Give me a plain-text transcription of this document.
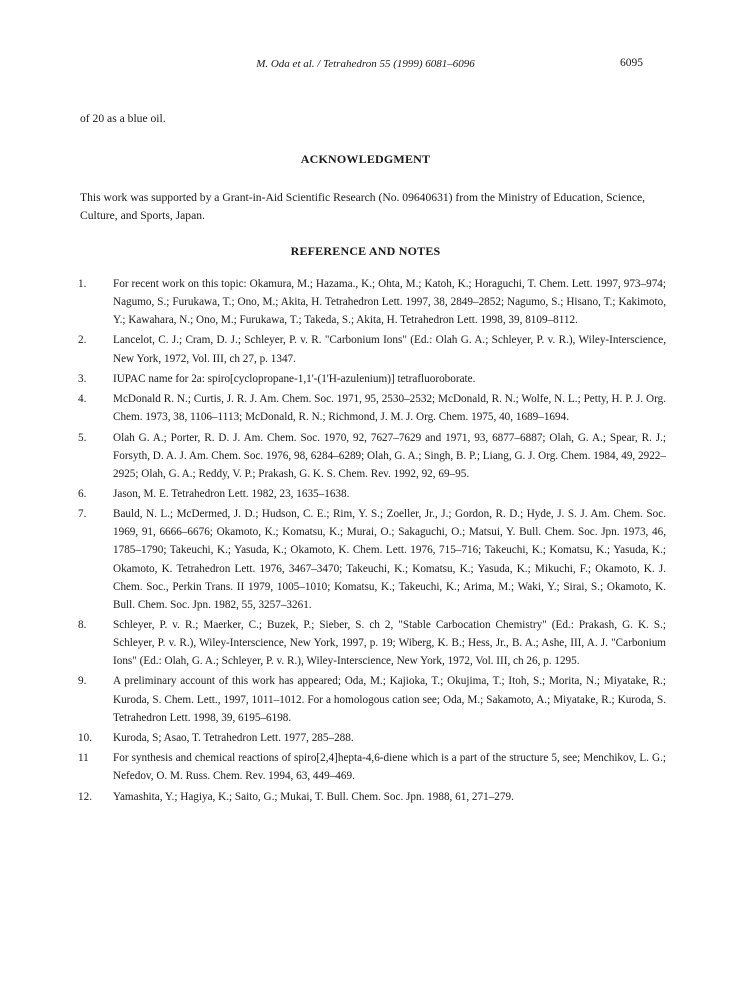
M. Oda et al. / Tetrahedron 55 (1999) 6081–6096	6095
of 20 as a blue oil.
ACKNOWLEDGMENT
This work was supported by a Grant-in-Aid Scientific Research (No. 09640631) from the Ministry of Education, Science, Culture, and Sports, Japan.
REFERENCE AND NOTES
1.	For recent work on this topic: Okamura, M.; Hazama., K.; Ohta, M.; Katoh, K.; Horaguchi, T. Chem. Lett. 1997, 973–974; Nagumo, S.; Furukawa, T.; Ono, M.; Akita, H. Tetrahedron Lett. 1997, 38, 2849–2852; Nagumo, S.; Hisano, T.; Kakimoto, Y.; Kawahara, N.; Ono, M.; Furukawa, T.; Takeda, S.; Akita, H. Tetrahedron Lett. 1998, 39, 8109–8112.
2.	Lancelot, C. J.; Cram, D. J.; Schleyer, P. v. R. "Carbonium Ions" (Ed.: Olah G. A.; Schleyer, P. v. R.), Wiley-Interscience, New York, 1972, Vol. III, ch 27, p. 1347.
3.	IUPAC name for 2a: spiro[cyclopropane-1,1'-(1'H-azulenium)] tetrafluoroborate.
4.	McDonald R. N.; Curtis, J. R. J. Am. Chem. Soc. 1971, 95, 2530–2532; McDonald, R. N.; Wolfe, N. L.; Petty, H. P. J. Org. Chem. 1973, 38, 1106–1113; McDonald, R. N.; Richmond, J. M. J. Org. Chem. 1975, 40, 1689–1694.
5.	Olah G. A.; Porter, R. D. J. Am. Chem. Soc. 1970, 92, 7627–7629 and 1971, 93, 6877–6887; Olah, G. A.; Spear, R. J.; Forsyth, D. A. J. Am. Chem. Soc. 1976, 98, 6284–6289; Olah, G. A.; Singh, B. P.; Liang, G. J. Org. Chem. 1984, 49, 2922–2925; Olah, G. A.; Reddy, V. P.; Prakash, G. K. S. Chem. Rev. 1992, 92, 69–95.
6.	Jason, M. E. Tetrahedron Lett. 1982, 23, 1635–1638.
7.	Bauld, N. L.; McDermed, J. D.; Hudson, C. E.; Rim, Y. S.; Zoeller, Jr., J.; Gordon, R. D.; Hyde, J. S. J. Am. Chem. Soc. 1969, 91, 6666–6676; Okamoto, K.; Komatsu, K.; Murai, O.; Sakaguchi, O.; Matsui, Y. Bull. Chem. Soc. Jpn. 1973, 46, 1785–1790; Takeuchi, K.; Yasuda, K.; Okamoto, K. Chem. Lett. 1976, 715–716; Takeuchi, K.; Komatsu, K.; Yasuda, K.; Okamoto, K. Tetrahedron Lett. 1976, 3467–3470; Takeuchi, K.; Komatsu, K.; Yasuda, K.; Mikuchi, F.; Okamoto, K. J. Chem. Soc., Perkin Trans. II 1979, 1005–1010; Komatsu, K.; Takeuchi, K.; Arima, M.; Waki, Y.; Sirai, S.; Okamoto, K. Bull. Chem. Soc. Jpn. 1982, 55, 3257–3261.
8.	Schleyer, P. v. R.; Maerker, C.; Buzek, P.; Sieber, S. ch 2, "Stable Carbocation Chemistry" (Ed.: Prakash, G. K. S.; Schleyer, P. v. R.), Wiley-Interscience, New York, 1997, p. 19; Wiberg, K. B.; Hess, Jr., B. A.; Ashe, III, A. J. "Carbonium Ions" (Ed.: Olah, G. A.; Schleyer, P. v. R.), Wiley-Interscience, New York, 1972, Vol. III, ch 26, p. 1295.
9.	A preliminary account of this work has appeared; Oda, M.; Kajioka, T.; Okujima, T.; Itoh, S.; Morita, N.; Miyatake, R.; Kuroda, S. Chem. Lett., 1997, 1011–1012. For a homologous cation see; Oda, M.; Sakamoto, A.; Miyatake, R.; Kuroda, S. Tetrahedron Lett. 1998, 39, 6195–6198.
10.	Kuroda, S; Asao, T. Tetrahedron Lett. 1977, 285–288.
11	For synthesis and chemical reactions of spiro[2,4]hepta-4,6-diene which is a part of the structure 5, see; Menchikov, L. G.; Nefedov, O. M. Russ. Chem. Rev. 1994, 63, 449–469.
12.	Yamashita, Y.; Hagiya, K.; Saito, G.; Mukai, T. Bull. Chem. Soc. Jpn. 1988, 61, 271–279.
